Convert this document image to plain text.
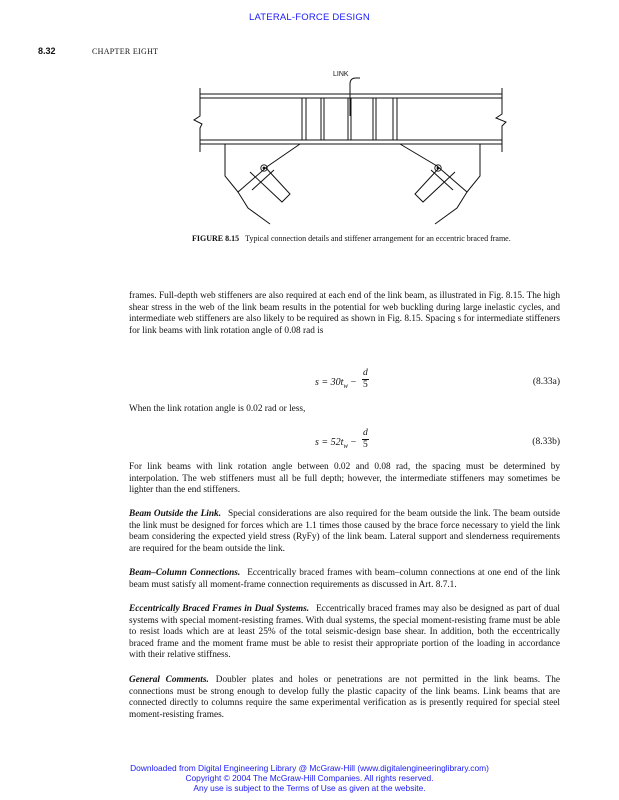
LATERAL-FORCE DESIGN
8.32	CHAPTER EIGHT
LINK
FIGURE 8.15 Typical connection details and stiffener arrangement for an eccentric braced frame.

frames. Full-depth web stiffeners are also required at each end of the link beam, as illustrated in Fig. 8.15. The high shear stress in the web of the link beam results in the potential for web buckling during large inelastic cycles, and intermediate web stiffeners are also likely to be required as shown in Fig. 8.15. Spacing s for intermediate stiffeners for link beams with link rotation angle of 0.08 rad is

$s = 30t_w - \frac{d}{5}$	(8.33a)

When the link rotation angle is 0.02 rad or less,

$s = 52t_w - \frac{d}{5}$	(8.33b)

For link beams with link rotation angle between 0.02 and 0.08 rad, the spacing must be determined by interpolation. The web stiffeners must all be full depth; however, the intermediate stiffeners may sometimes be lighter than the end stiffeners.

Beam Outside the Link. Special considerations are also required for the beam outside the link. The beam outside the link must be designed for forces which are 1.1 times those caused by the brace force necessary to yield the link beam considering the expected yield stress (RyFy) of the link beam. Lateral support and slenderness requirements are required for the beam outside the link.

Beam–Column Connections. Eccentrically braced frames with beam–column connections at one end of the link beam must satisfy all moment-frame connection requirements as discussed in Art. 8.7.1.

Eccentrically Braced Frames in Dual Systems. Eccentrically braced frames may also be designed as part of dual systems with special moment-resisting frames. With dual systems, the special moment-resisting frame must be able to resist loads which are at least 25% of the total seismic-design base shear. In addition, both the eccentrically braced frame and the moment frame must be able to resist their appropriate portion of the loading in accordance with their relative stiffness.

General Comments. Doubler plates and holes or penetrations are not permitted in the link beams. The connections must be strong enough to develop fully the plastic capacity of the link beams. Link beams that are connected directly to columns require the same experimental verification as is presently required for special steel moment-resisting frames.

Downloaded from Digital Engineering Library @ McGraw-Hill (www.digitalengineeringlibrary.com)
Copyright © 2004 The McGraw-Hill Companies. All rights reserved.
Any use is subject to the Terms of Use as given at the website.
